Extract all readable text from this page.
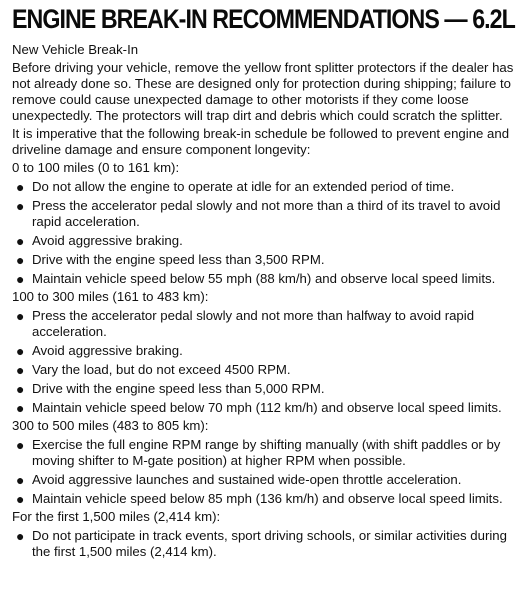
ENGINE BREAK-IN RECOMMENDATIONS — 6.2L
New Vehicle Break-In
Before driving your vehicle, remove the yellow front splitter protectors if the dealer has not already done so. These are designed only for protection during shipping; failure to remove could cause unexpected damage to other motorists if they come loose unexpectedly. The protectors will trap dirt and debris which could scratch the splitter.
It is imperative that the following break-in schedule be followed to prevent engine and driveline damage and ensure component longevity:
0 to 100 miles (0 to 161 km):
● Do not allow the engine to operate at idle for an extended period of time.
● Press the accelerator pedal slowly and not more than a third of its travel to avoid rapid acceleration.
● Avoid aggressive braking.
● Drive with the engine speed less than 3,500 RPM.
● Maintain vehicle speed below 55 mph (88 km/h) and observe local speed limits.
100 to 300 miles (161 to 483 km):
● Press the accelerator pedal slowly and not more than halfway to avoid rapid acceleration.
● Avoid aggressive braking.
● Vary the load, but do not exceed 4500 RPM.
● Drive with the engine speed less than 5,000 RPM.
● Maintain vehicle speed below 70 mph (112 km/h) and observe local speed limits.
300 to 500 miles (483 to 805 km):
● Exercise the full engine RPM range by shifting manually (with shift paddles or by moving shifter to M-gate position) at higher RPM when possible.
● Avoid aggressive launches and sustained wide-open throttle acceleration.
● Maintain vehicle speed below 85 mph (136 km/h) and observe local speed limits.
For the first 1,500 miles (2,414 km):
● Do not participate in track events, sport driving schools, or similar activities during the first 1,500 miles (2,414 km).
